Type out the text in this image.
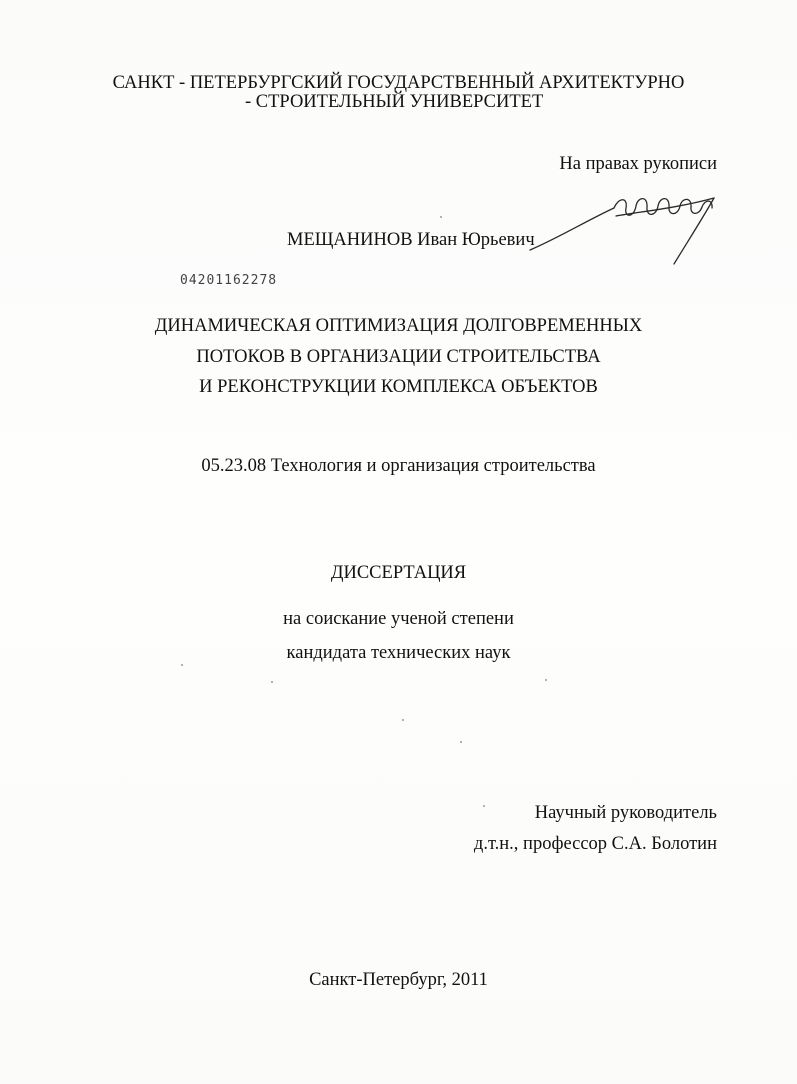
САНКТ - ПЕТЕРБУРГСКИЙ ГОСУДАРСТВЕННЫЙ АРХИТЕКТУРНО

- СТРОИТЕЛЬНЫЙ УНИВЕРСИТЕТ

На правах рукописи

МЕЩАНИНОВ Иван Юрьевич

04201162278

ДИНАМИЧЕСКАЯ ОПТИМИЗАЦИЯ ДОЛГОВРЕМЕННЫХ

ПОТОКОВ В ОРГАНИЗАЦИИ СТРОИТЕЛЬСТВА

И РЕКОНСТРУКЦИИ КОМПЛЕКСА ОБЪЕКТОВ

05.23.08 Технология и организация строительства

ДИССЕРТАЦИЯ

на соискание ученой степени

кандидата технических наук

Научный руководитель

д.т.н., профессор С.А. Болотин

Санкт-Петербург, 2011
